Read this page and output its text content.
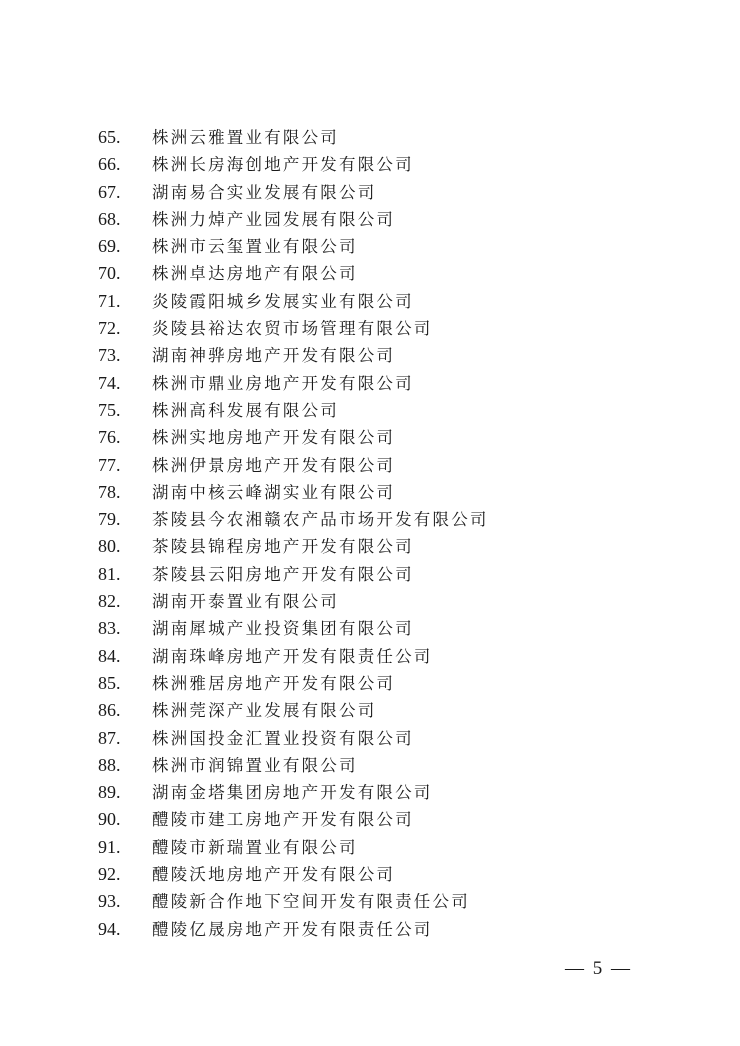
65.	株洲云雅置业有限公司
66.	株洲长房海创地产开发有限公司
67.	湖南易合实业发展有限公司
68.	株洲力焯产业园发展有限公司
69.	株洲市云玺置业有限公司
70.	株洲卓达房地产有限公司
71.	炎陵霞阳城乡发展实业有限公司
72.	炎陵县裕达农贸市场管理有限公司
73.	湖南神骅房地产开发有限公司
74.	株洲市鼎业房地产开发有限公司
75.	株洲高科发展有限公司
76.	株洲实地房地产开发有限公司
77.	株洲伊景房地产开发有限公司
78.	湖南中核云峰湖实业有限公司
79.	茶陵县今农湘赣农产品市场开发有限公司
80.	茶陵县锦程房地产开发有限公司
81.	茶陵县云阳房地产开发有限公司
82.	湖南开泰置业有限公司
83.	湖南犀城产业投资集团有限公司
84.	湖南珠峰房地产开发有限责任公司
85.	株洲雅居房地产开发有限公司
86.	株洲莞深产业发展有限公司
87.	株洲国投金汇置业投资有限公司
88.	株洲市润锦置业有限公司
89.	湖南金塔集团房地产开发有限公司
90.	醴陵市建工房地产开发有限公司
91.	醴陵市新瑞置业有限公司
92.	醴陵沃地房地产开发有限公司
93.	醴陵新合作地下空间开发有限责任公司
94.	醴陵亿晟房地产开发有限责任公司
— 5 —
